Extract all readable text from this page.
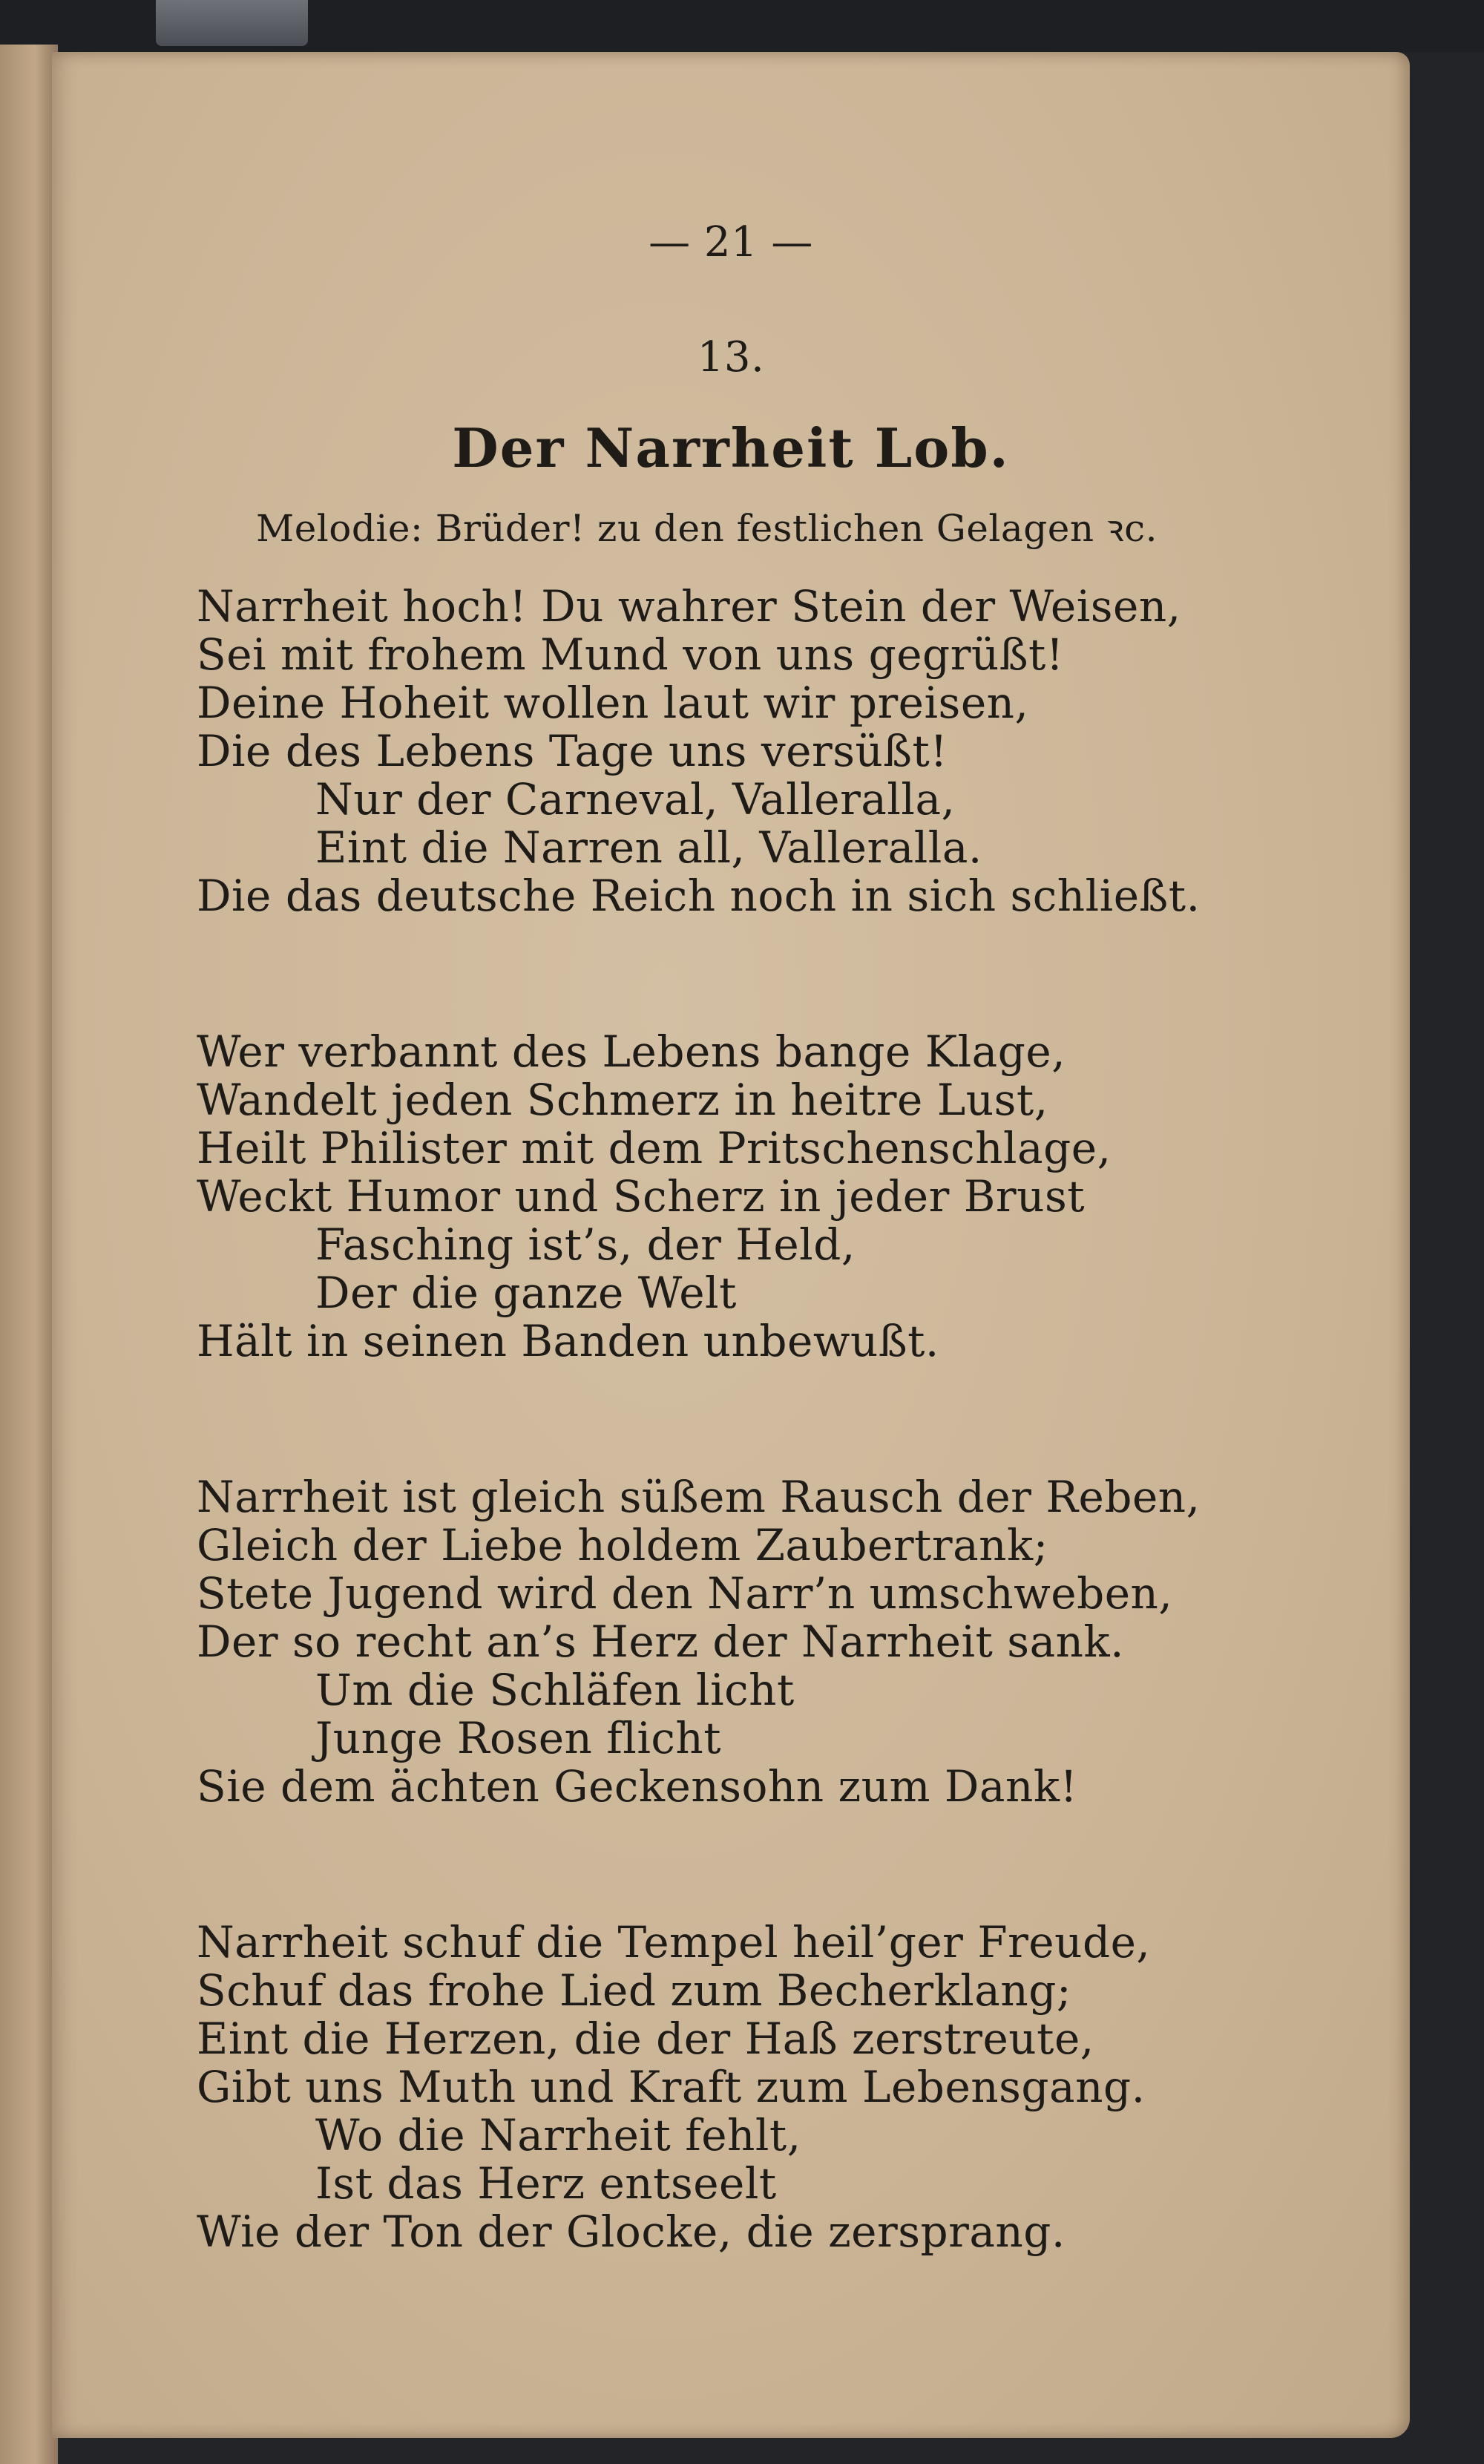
— 21 —
13.
Der Narrheit Lob.
Melodie: Brüder! zu den festlichen Gelagen ꝛc.
Narrheit hoch! Du wahrer Stein der Weisen,
Sei mit frohem Mund von uns gegrüßt!
Deine Hoheit wollen laut wir preisen,
Die des Lebens Tage uns versüßt!
Nur der Carneval, Valleralla,
Eint die Narren all, Valleralla.
Die das deutsche Reich noch in sich schließt.
Wer verbannt des Lebens bange Klage,
Wandelt jeden Schmerz in heitre Lust,
Heilt Philister mit dem Pritschenschlage,
Weckt Humor und Scherz in jeder Brust
Fasching ist’s, der Held,
Der die ganze Welt
Hält in seinen Banden unbewußt.
Narrheit ist gleich süßem Rausch der Reben,
Gleich der Liebe holdem Zaubertrank;
Stete Jugend wird den Narr’n umschweben,
Der so recht an’s Herz der Narrheit sank.
Um die Schläfen licht
Junge Rosen flicht
Sie dem ächten Geckensohn zum Dank!
Narrheit schuf die Tempel heil’ger Freude,
Schuf das frohe Lied zum Becherklang;
Eint die Herzen, die der Haß zerstreute,
Gibt uns Muth und Kraft zum Lebensgang.
Wo die Narrheit fehlt,
Ist das Herz entseelt
Wie der Ton der Glocke, die zersprang.
